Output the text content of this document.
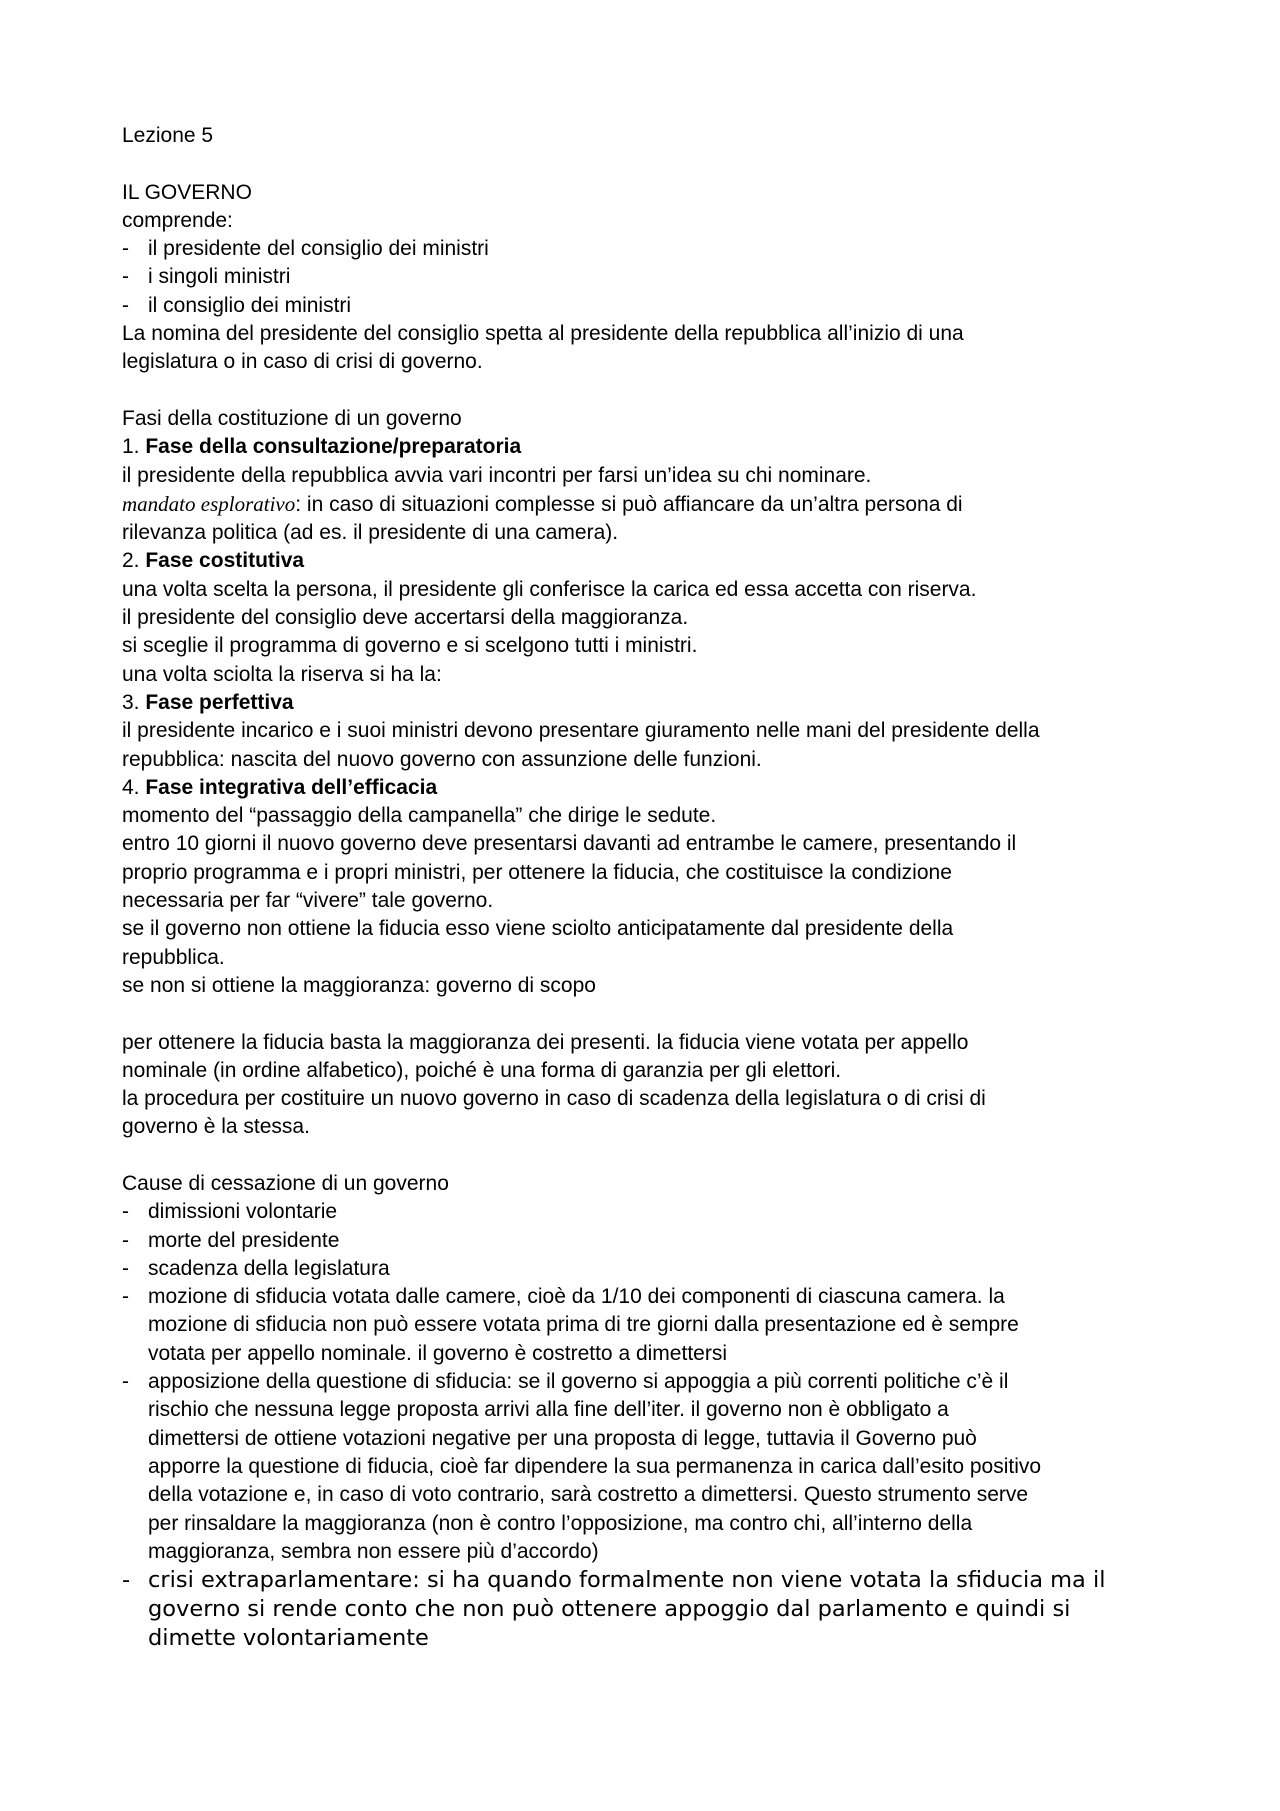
Lezione 5
IL GOVERNO
comprende:
- il presidente del consiglio dei ministri
- i singoli ministri
- il consiglio dei ministri
La nomina del presidente del consiglio spetta al presidente della repubblica all’inizio di una
legislatura o in caso di crisi di governo.
Fasi della costituzione di un governo
1. Fase della consultazione/preparatoria
il presidente della repubblica avvia vari incontri per farsi un’idea su chi nominare.
mandato esplorativo: in caso di situazioni complesse si può affiancare da un’altra persona di
rilevanza politica (ad es. il presidente di una camera).
2. Fase costitutiva
una volta scelta la persona, il presidente gli conferisce la carica ed essa accetta con riserva.
il presidente del consiglio deve accertarsi della maggioranza.
si sceglie il programma di governo e si scelgono tutti i ministri.
una volta sciolta la riserva si ha la:
3. Fase perfettiva
il presidente incarico e i suoi ministri devono presentare giuramento nelle mani del presidente della
repubblica: nascita del nuovo governo con assunzione delle funzioni.
4. Fase integrativa dell’efficacia
momento del “passaggio della campanella” che dirige le sedute.
entro 10 giorni il nuovo governo deve presentarsi davanti ad entrambe le camere, presentando il
proprio programma e i propri ministri, per ottenere la fiducia, che costituisce la condizione
necessaria per far “vivere” tale governo.
se il governo non ottiene la fiducia esso viene sciolto anticipatamente dal presidente della
repubblica.
se non si ottiene la maggioranza: governo di scopo
per ottenere la fiducia basta la maggioranza dei presenti. la fiducia viene votata per appello
nominale (in ordine alfabetico), poiché è una forma di garanzia per gli elettori.
la procedura per costituire un nuovo governo in caso di scadenza della legislatura o di crisi di
governo è la stessa.
Cause di cessazione di un governo
- dimissioni volontarie
- morte del presidente
- scadenza della legislatura
- mozione di sfiducia votata dalle camere, cioè da 1/10 dei componenti di ciascuna camera. la
mozione di sfiducia non può essere votata prima di tre giorni dalla presentazione ed è sempre
votata per appello nominale. il governo è costretto a dimettersi
- apposizione della questione di sfiducia: se il governo si appoggia a più correnti politiche c’è il
rischio che nessuna legge proposta arrivi alla fine dell’iter. il governo non è obbligato a
dimettersi de ottiene votazioni negative per una proposta di legge, tuttavia il Governo può
apporre la questione di fiducia, cioè far dipendere la sua permanenza in carica dall’esito positivo
della votazione e, in caso di voto contrario, sarà costretto a dimettersi. Questo strumento serve
per rinsaldare la maggioranza (non è contro l’opposizione, ma contro chi, all’interno della
maggioranza, sembra non essere più d’accordo)
- crisi extraparlamentare: si ha quando formalmente non viene votata la sfiducia ma il
governo si rende conto che non può ottenere appoggio dal parlamento e quindi si
dimette volontariamente
